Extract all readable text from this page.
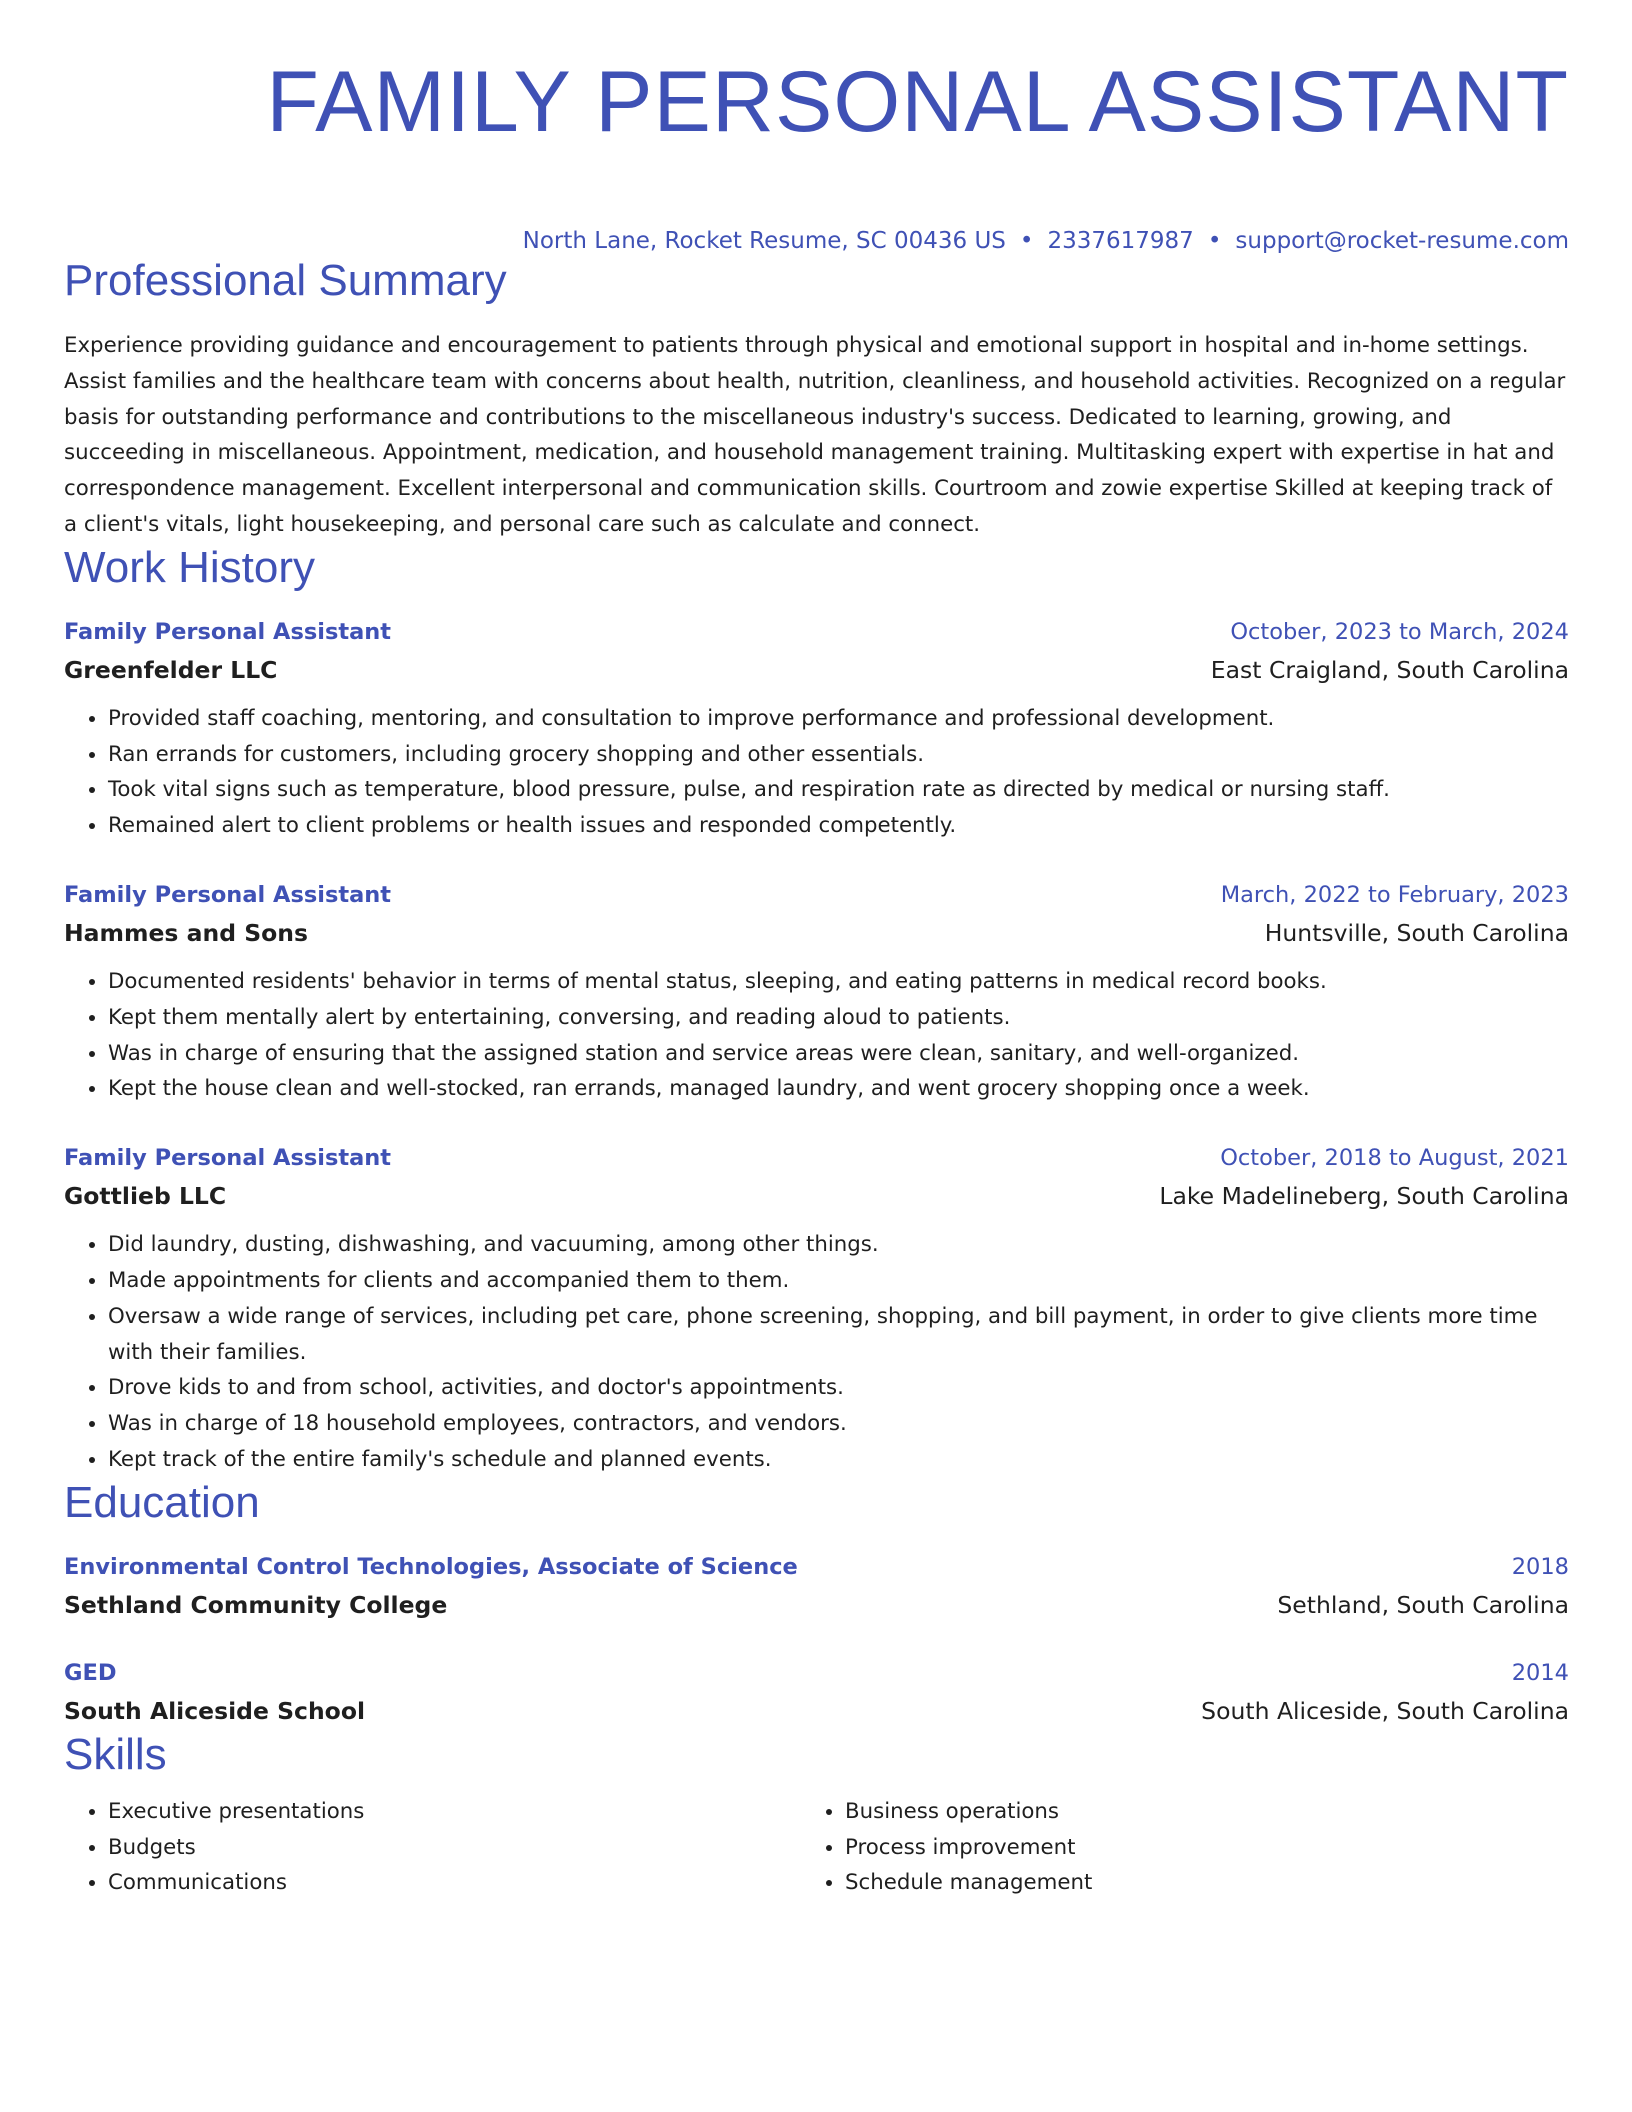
FAMILY PERSONAL ASSISTANT
North Lane, Rocket Resume, SC 00436 US • 2337617987 • support@rocket-resume.com
Professional Summary
Experience providing guidance and encouragement to patients through physical and emotional support in hospital and in-home settings. Assist families and the healthcare team with concerns about health, nutrition, cleanliness, and household activities. Recognized on a regular basis for outstanding performance and contributions to the miscellaneous industry's success. Dedicated to learning, growing, and succeeding in miscellaneous. Appointment, medication, and household management training. Multitasking expert with expertise in hat and correspondence management. Excellent interpersonal and communication skills. Courtroom and zowie expertise Skilled at keeping track of a client's vitals, light housekeeping, and personal care such as calculate and connect.
Work History
Family Personal Assistant	October, 2023 to March, 2024
Greenfelder LLC	East Craigland, South Carolina
• Provided staff coaching, mentoring, and consultation to improve performance and professional development.
• Ran errands for customers, including grocery shopping and other essentials.
• Took vital signs such as temperature, blood pressure, pulse, and respiration rate as directed by medical or nursing staff.
• Remained alert to client problems or health issues and responded competently.
Family Personal Assistant	March, 2022 to February, 2023
Hammes and Sons	Huntsville, South Carolina
• Documented residents' behavior in terms of mental status, sleeping, and eating patterns in medical record books.
• Kept them mentally alert by entertaining, conversing, and reading aloud to patients.
• Was in charge of ensuring that the assigned station and service areas were clean, sanitary, and well-organized.
• Kept the house clean and well-stocked, ran errands, managed laundry, and went grocery shopping once a week.
Family Personal Assistant	October, 2018 to August, 2021
Gottlieb LLC	Lake Madelineberg, South Carolina
• Did laundry, dusting, dishwashing, and vacuuming, among other things.
• Made appointments for clients and accompanied them to them.
• Oversaw a wide range of services, including pet care, phone screening, shopping, and bill payment, in order to give clients more time with their families.
• Drove kids to and from school, activities, and doctor's appointments.
• Was in charge of 18 household employees, contractors, and vendors.
• Kept track of the entire family's schedule and planned events.
Education
Environmental Control Technologies, Associate of Science	2018
Sethland Community College	Sethland, South Carolina
GED	2014
South Aliceside School	South Aliceside, South Carolina
Skills
• Executive presentations
• Budgets
• Communications
• Business operations
• Process improvement
• Schedule management
